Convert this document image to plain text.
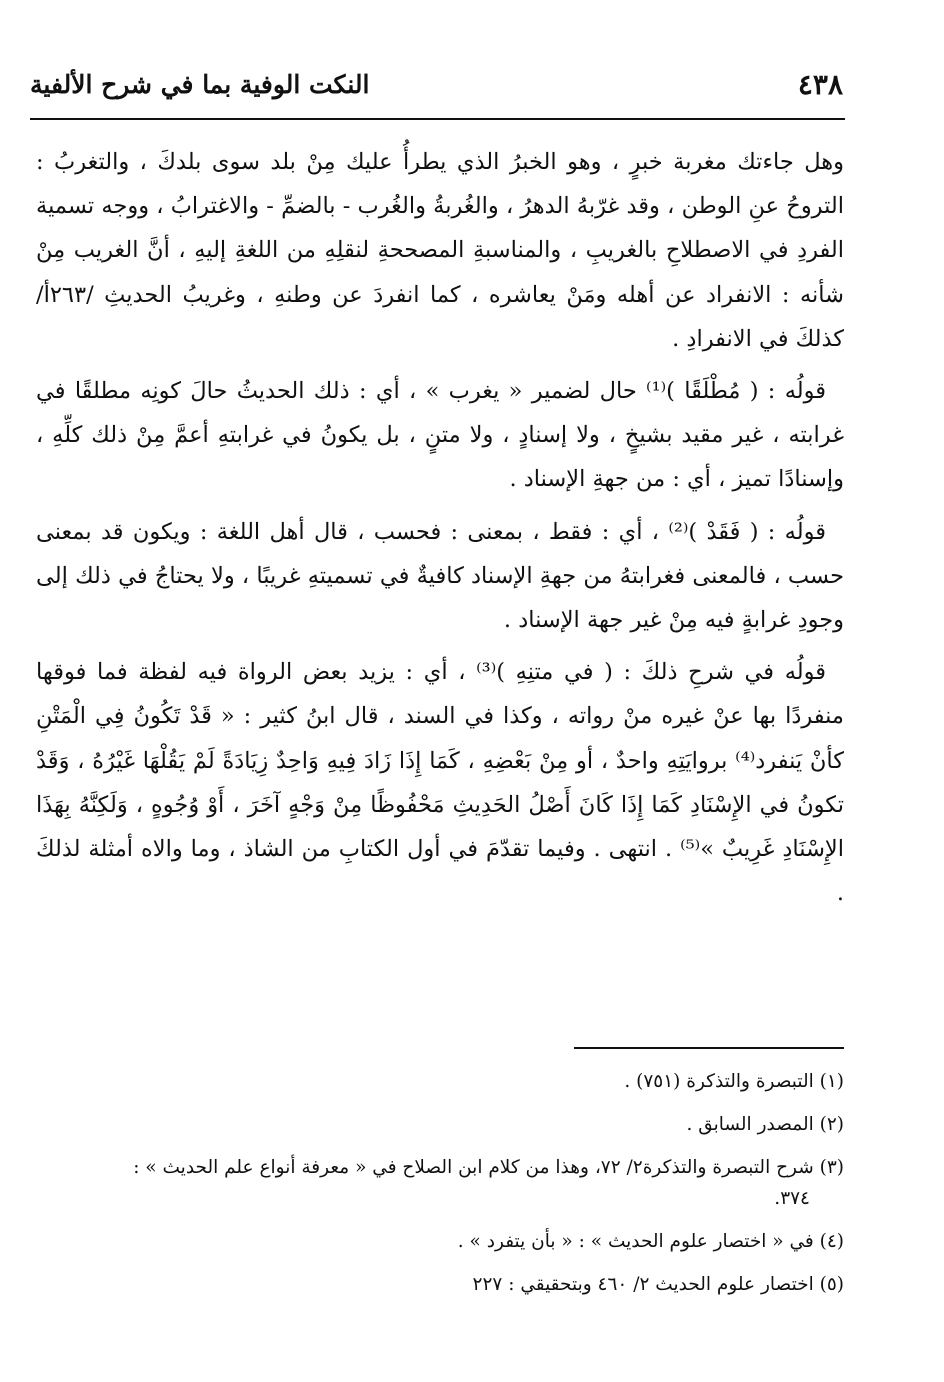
النكت الوفية بما في شرح الألفية	٤٣٨

وهل جاءتك مغربة خبرٍ ، وهو الخبرُ الذي يطرأُ عليك مِنْ بلد سوى بلدكَ ، والتغربُ : التروحُ عنِ الوطن ، وقد غرّبهُ الدهرُ ، والغُربةُ والغُرب - بالضمِّ - والاغترابُ ، ووجه تسمية الفردِ في الاصطلاحِ بالغريبِ ، والمناسبةِ المصححةِ لنقلِهِ من اللغةِ إليهِ ، أنَّ الغريب مِنْ شأنه : الانفراد عن أهله ومَنْ يعاشره ، كما انفردَ عن وطنهِ ، وغريبُ الحديثِ /٢٦٣أ/ كذلكَ في الانفرادِ .

قولُه : ( مُطْلَقًا )⁽¹⁾ حال لضمير « يغرب » ، أي : ذلك الحديثُ حالَ كونِه مطلقًا في غرابته ، غير مقيد بشيخٍ ، ولا إسنادٍ ، ولا متنٍ ، بل يكونُ في غرابتهِ أعمَّ مِنْ ذلك كلِّهِ ، وإسنادًا تميز ، أي : من جهةِ الإسناد .

قولُه : ( فَقَدْ )⁽²⁾ ، أي : فقط ، بمعنى : فحسب ، قال أهل اللغة : ويكون قد بمعنى حسب ، فالمعنى فغرابتهُ من جهةِ الإسناد كافيةٌ في تسميتهِ غريبًا ، ولا يحتاجُ في ذلك إلى وجودِ غرابةٍ فيه مِنْ غير جهة الإسناد .

قولُه في شرحِ ذلكَ : ( في متنِهِ )⁽³⁾ ، أي : يزيد بعض الرواة فيه لفظة فما فوقها منفردًا بها عنْ غيره منْ رواته ، وكذا في السند ، قال ابنُ كثير : « قَدْ تَكُونُ فِي الْمَتْنِ كأنْ يَنفرد⁽⁴⁾ بروايَتِهِ واحدٌ ، أو مِنْ بَعْضِهِ ، كَمَا إِذَا زَادَ فِيهِ وَاحِدٌ زِيَادَةً لَمْ يَقُلْهَا غَيْرُهُ ، وَقَدْ تكونُ في الإِسْنَادِ كَمَا إِذَا كَانَ أَصْلُ الحَدِيثِ مَحْفُوظًا مِنْ وَجْهٍ آخَرَ ، أَوْ وُجُوهٍ ، وَلَكِنَّهُ بِهَذَا الإِسْنَادِ غَرِيبٌ »⁽⁵⁾ . انتهى . وفيما تقدّمَ في أول الكتابِ من الشاذ ، وما والاه أمثلة لذلكَ .

(١) التبصرة والتذكرة (٧٥١) .
(٢) المصدر السابق .
(٣) شرح التبصرة والتذكرة٢/ ٧٢، وهذا من كلام ابن الصلاح في « معرفة أنواع علم الحديث » :
٣٧٤.
(٤) في « اختصار علوم الحديث » : « بأن يتفرد » .
(٥) اختصار علوم الحديث ٢/ ٤٦٠ وبتحقيقي : ٢٢٧
